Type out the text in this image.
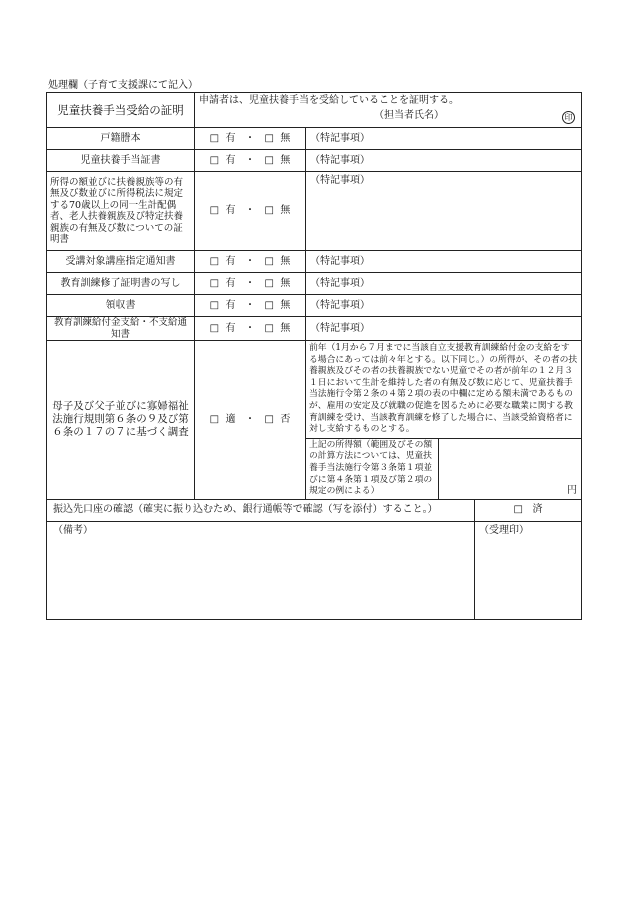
処理欄（子育て支援課にて記入）
児童扶養手当受給の証明	申請者は、児童扶養手当を受給していることを証明する。
（担当者氏名） 印			

戸籍謄本	□ 有 ・ □ 無	（特記事項）		
児童扶養手当証書	□ 有 ・ □ 無	（特記事項）		
所得の額並びに扶養親族等の有無及び数並びに所得税法に規定する70歳以上の同一生計配偶者、老人扶養親族及び特定扶養親族の有無及び数についての証明書	□ 有 ・ □ 無	（特記事項）		
受講対象講座指定通知書	□ 有 ・ □ 無	（特記事項）		
教育訓練修了証明書の写し	□ 有 ・ □ 無	（特記事項）		
領収書	□ 有 ・ □ 無	（特記事項）		
教育訓練給付金支給・不支給通知書	□ 有 ・ □ 無	（特記事項）		
母子及び父子並びに寡婦福祉法施行規則第６条の９及び第６条の１７の７に基づく調査	□ 適 ・ □ 否	前年（1月から７月までに当該自立支援教育訓練給付金の支給をする場合にあっては前々年とする。以下同じ。）の所得が、その者の扶養親族及びその者の扶養親族でない児童でその者が前年の１２月３１日において生計を維持した者の有無及び数に応じて、児童扶養手当法施行令第２条の４第２項の表の中欄に定める額未満であるものが、雇用の安定及び就職の促進を図るために必要な職業に関する教育訓練を受け、当該教育訓練を修了した場合に、当該受給資格者に対し支給するものとする。		
		上記の所得額（範囲及びその額の計算方法については、児童扶養手当法施行令第３条第１項並びに第４条第１項及び第２項の規定の例による）	円	
振込先口座の確認（確実に振り込むため、銀行通帳等で確認（写を添付）すること。）				□ 済
（備考）				（受理印）
